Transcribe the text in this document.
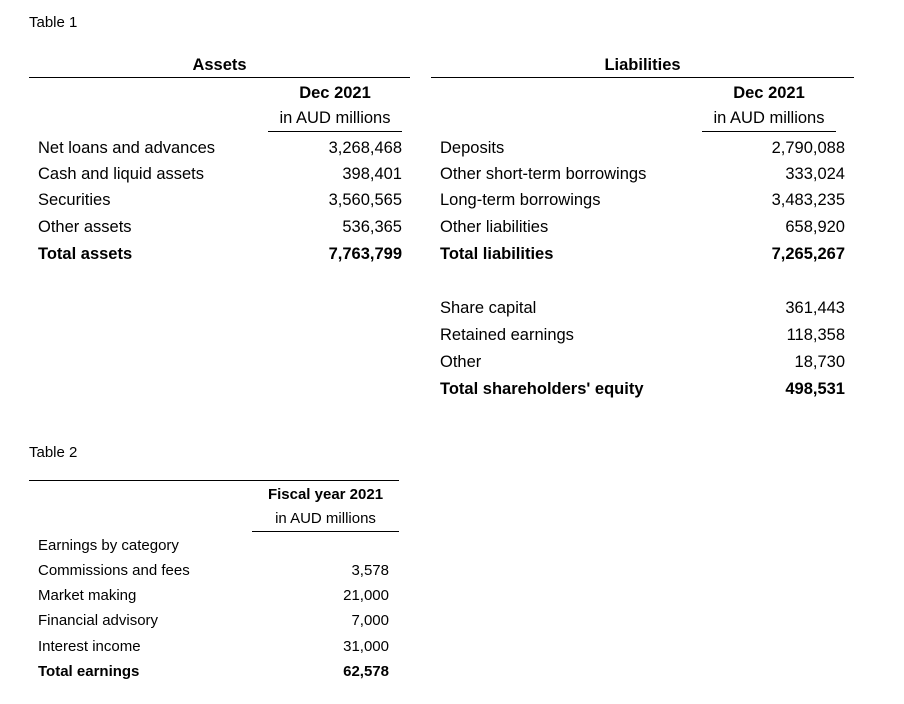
Table 1
Assets
Dec 2021
in AUD millions
Net loans and advances	3,268,468
Cash and liquid assets	398,401
Securities	3,560,565
Other assets	536,365
Total assets	7,763,799
Liabilities
Dec 2021
in AUD millions
Deposits	2,790,088
Other short-term borrowings	333,024
Long-term borrowings	3,483,235
Other liabilities	658,920
Total liabilities	7,265,267
Share capital	361,443
Retained earnings	118,358
Other	18,730
Total shareholders' equity	498,531
Table 2
Fiscal year 2021
in AUD millions
Earnings by category
Commissions and fees	3,578
Market making	21,000
Financial advisory	7,000
Interest income	31,000
Total earnings	62,578
